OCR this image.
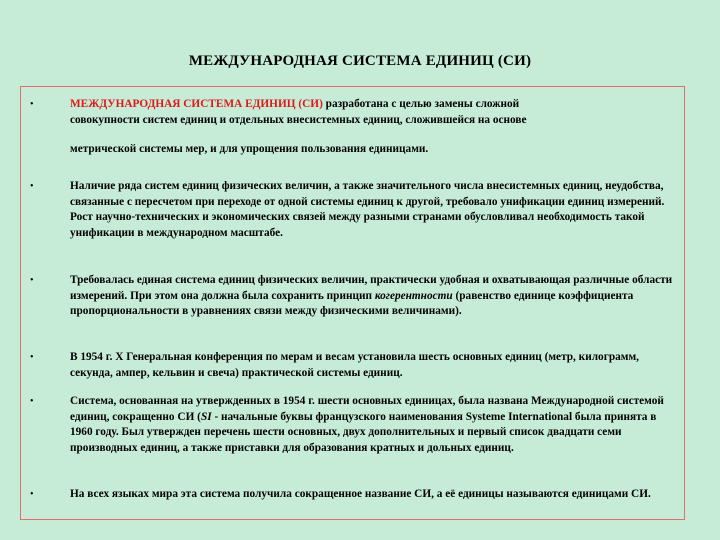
МЕЖДУНАРОДНАЯ СИСТЕМА ЕДИНИЦ (СИ)
•	МЕЖДУНАРОДНАЯ СИСТЕМА ЕДИНИЦ (СИ) разработана с целью замены сложной
совокупности систем единиц и отдельных внесистемных единиц, сложившейся на основе
метрической системы мер, и для упрощения пользования единицами.
•	Наличие ряда систем единиц физических величин, а также значительного числа внесистемных единиц, неудобства, связанные с пересчетом при переходе от одной системы единиц к другой, требовало унификации единиц измерений. Рост научно-технических и экономических связей между разными странами обусловливал необходимость такой унификации в международном масштабе.
•	Требовалась единая система единиц физических величин, практически удобная и охватывающая различные области измерений. При этом она должна была сохранить принцип когерентности (равенство единице коэффициента пропорциональности в уравнениях связи между физическими величинами).
•	В 1954 г. X Генеральная конференция по мерам и весам установила шесть основных единиц (метр, килограмм, секунда, ампер, кельвин и свеча) практической системы единиц.
•	Система, основанная на утвержденных в 1954 г. шести основных единицах, была названа Международной системой единиц, сокращенно СИ (SI - начальные буквы французского наименования Systeme International была принята в 1960 году. Был утвержден перечень шести основных, двух дополнительных и первый список двадцати семи производных единиц, а также приставки для образования кратных и дольных единиц.
•	На всех языках мира эта система получила сокращенное название СИ, а её единицы называются единицами СИ.
